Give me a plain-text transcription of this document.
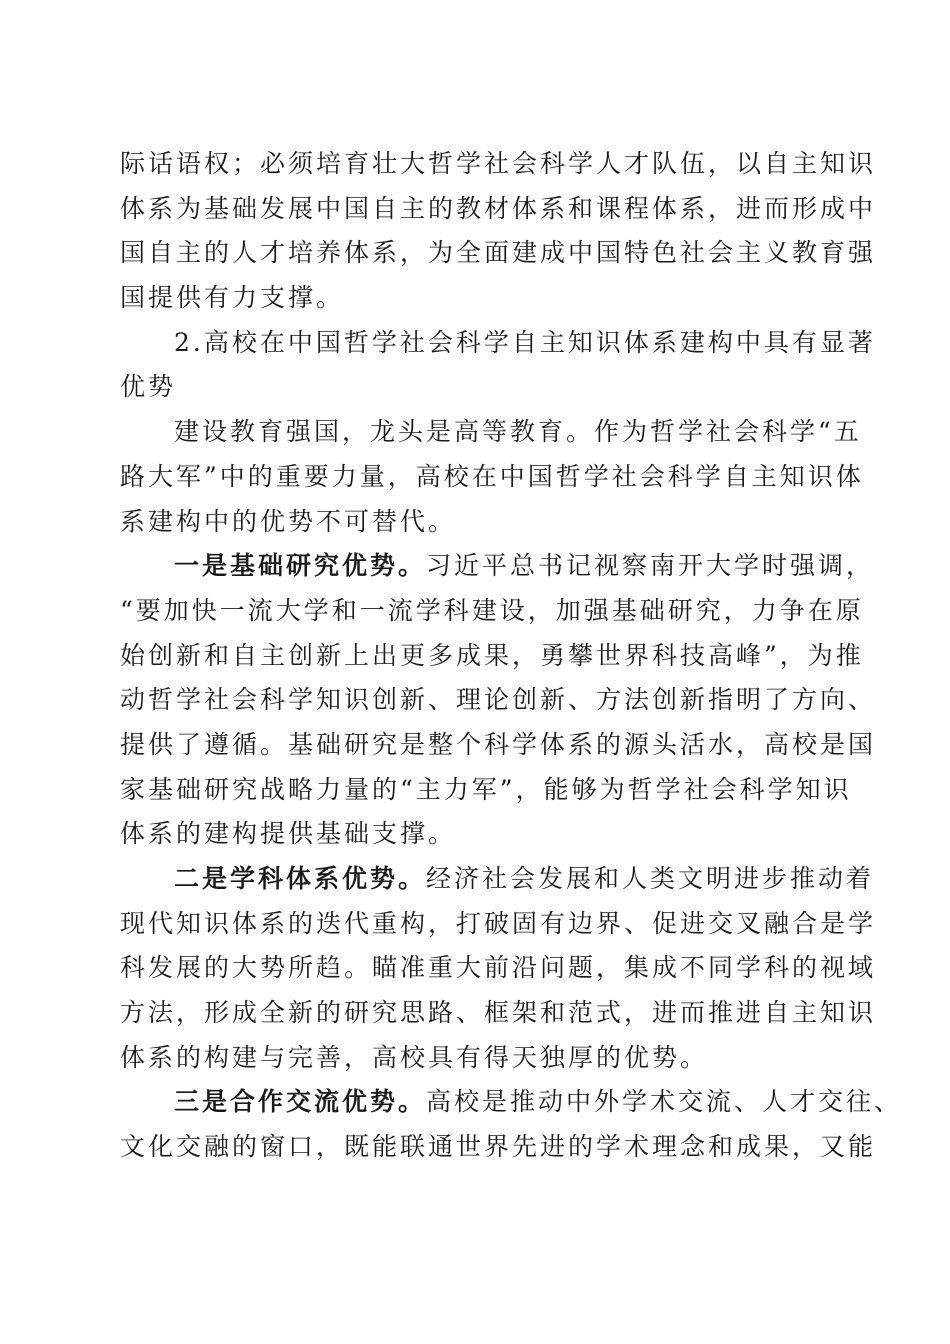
际话语权；必须培育壮大哲学社会科学人才队伍，以自主知识
体系为基础发展中国自主的教材体系和课程体系，进而形成中
国自主的人才培养体系，为全面建成中国特色社会主义教育强
国提供有力支撑。
2.高校在中国哲学社会科学自主知识体系建构中具有显著
优势
建设教育强国，龙头是高等教育。作为哲学社会科学“五
路大军”中的重要力量，高校在中国哲学社会科学自主知识体
系建构中的优势不可替代。
一是基础研究优势。习近平总书记视察南开大学时强调，
“要加快一流大学和一流学科建设，加强基础研究，力争在原
始创新和自主创新上出更多成果，勇攀世界科技高峰”，为推
动哲学社会科学知识创新、理论创新、方法创新指明了方向、
提供了遵循。基础研究是整个科学体系的源头活水，高校是国
家基础研究战略力量的“主力军”，能够为哲学社会科学知识
体系的建构提供基础支撑。
二是学科体系优势。经济社会发展和人类文明进步推动着
现代知识体系的迭代重构，打破固有边界、促进交叉融合是学
科发展的大势所趋。瞄准重大前沿问题，集成不同学科的视域
方法，形成全新的研究思路、框架和范式，进而推进自主知识
体系的构建与完善，高校具有得天独厚的优势。
三是合作交流优势。高校是推动中外学术交流、人才交往、
文化交融的窗口，既能联通世界先进的学术理念和成果，又能
